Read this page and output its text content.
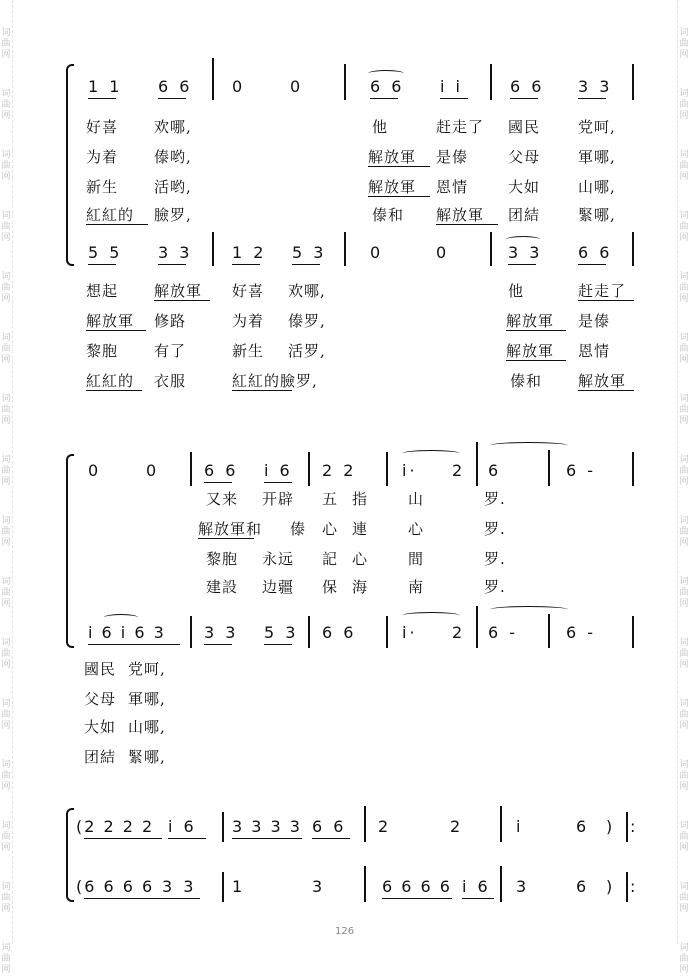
词曲网
词曲网
词曲网
词曲网
词曲网
词曲网
词曲网
词曲网
词曲网
词曲网
词曲网
词曲网
词曲网
词曲网
词曲网
词曲网
词曲网
词曲网
词曲网
词曲网
词曲网
词曲网
词曲网
词曲网
词曲网
词曲网
词曲网
词曲网
词曲网
词曲网
词曲网
词曲网
1 1 6 6 0	0	6 6 i i	6 6 3 3
好喜 欢哪,	他	赶走了 國民	党呵,
为着 傣哟,	解放軍 是傣	父母	軍哪,
新生 活哟,	解放軍 恩情	大如	山哪,
紅紅的 臉罗,	傣和 解放軍 团結	緊哪,
5 5 3 3 1 2 5 3	0	0	3 3 6 6
想起 解放軍 好喜 欢哪,	他	赶走了
解放軍 修路	为着 傣罗,	解放軍 是傣
黎胞 有了	新生 活罗,	解放軍 恩情
紅紅的 衣服	紅紅的臉罗,	傣和 解放軍
0	0	6 6 i 6 2 2	i· 2 6	6 -
又来 开辟 五 指	山	罗.
解放軍和 傣 心 連	心	罗.
黎胞 永远 記 心	間	罗.
建設 边疆 保 海	南	罗.
i 6 i 6 3 3 3 5 3 6 6	i· 2 6 -	6 -
國民 党呵,
父母 軍哪,
大如 山哪,
团結 緊哪,
(2 2 2 2 i 6 3 3 3 3 6 6 2	2	i	6 ) :
(6 6 6 6 3 3 1	3	6 6 6 6 i 6 3	6 ) :
126
